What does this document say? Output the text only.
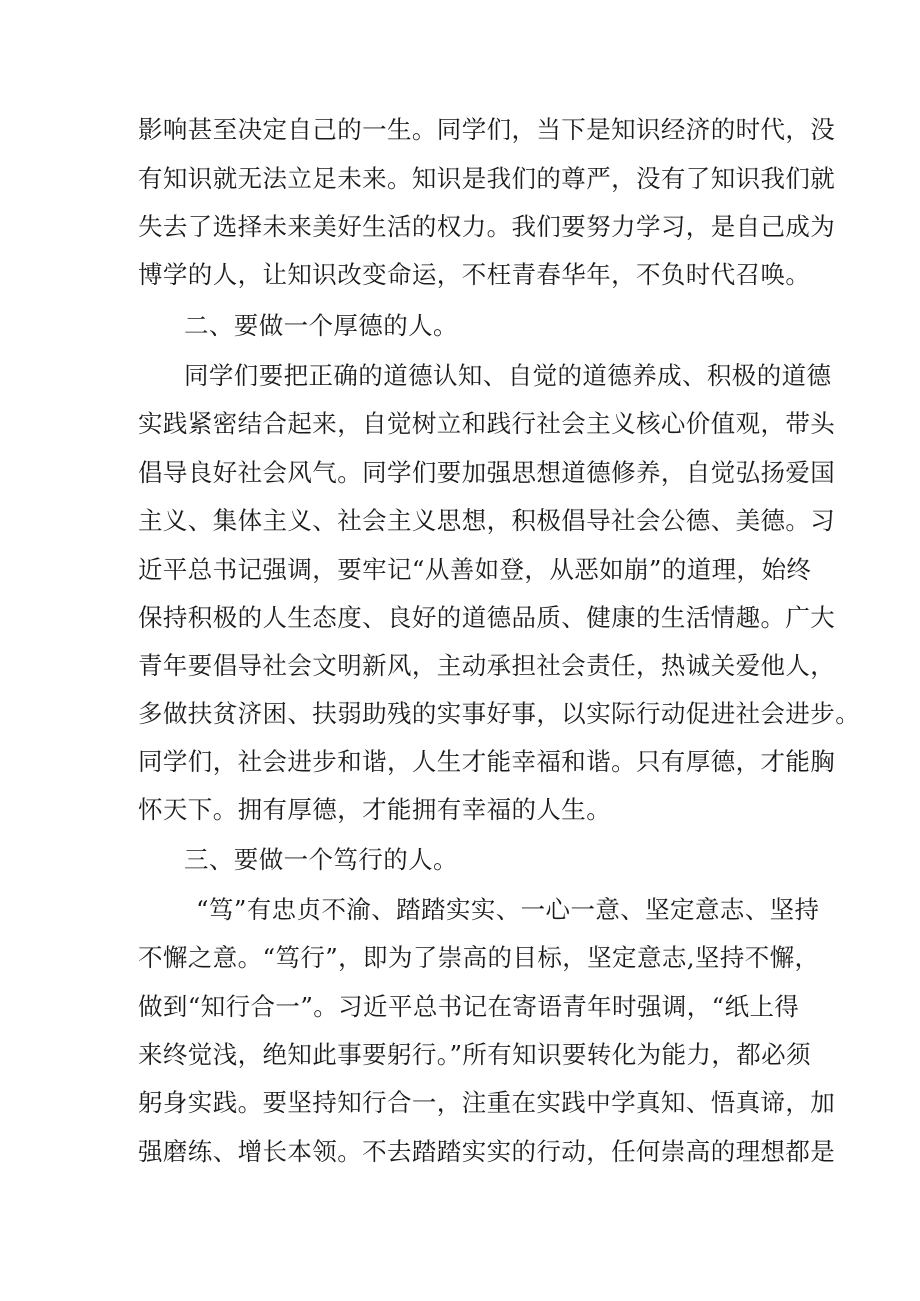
影响甚至决定自己的一生。同学们，当下是知识经济的时代，没

有知识就无法立足未来。知识是我们的尊严，没有了知识我们就

失去了选择未来美好生活的权力。我们要努力学习，是自己成为

博学的人，让知识改变命运，不枉青春华年，不负时代召唤。

二、要做一个厚德的人。

同学们要把正确的道德认知、自觉的道德养成、积极的道德

实践紧密结合起来，自觉树立和践行社会主义核心价值观，带头

倡导良好社会风气。同学们要加强思想道德修养，自觉弘扬爱国

主义、集体主义、社会主义思想，积极倡导社会公德、美德。习

近平总书记强调，要牢记“从善如登，从恶如崩”的道理，始终

保持积极的人生态度、良好的道德品质、健康的生活情趣。广大

青年要倡导社会文明新风，主动承担社会责任，热诚关爱他人，

多做扶贫济困、扶弱助残的实事好事，以实际行动促进社会进步。

同学们，社会进步和谐，人生才能幸福和谐。只有厚德，才能胸

怀天下。拥有厚德，才能拥有幸福的人生。

三、要做一个笃行的人。

“笃”有忠贞不渝、踏踏实实、一心一意、坚定意志、坚持

不懈之意。“笃行”，即为了崇高的目标，坚定意志,坚持不懈，

做到“知行合一”。习近平总书记在寄语青年时强调，“纸上得

来终觉浅，绝知此事要躬行。”所有知识要转化为能力，都必须

躬身实践。要坚持知行合一，注重在实践中学真知、悟真谛，加

强磨练、增长本领。不去踏踏实实的行动，任何崇高的理想都是
